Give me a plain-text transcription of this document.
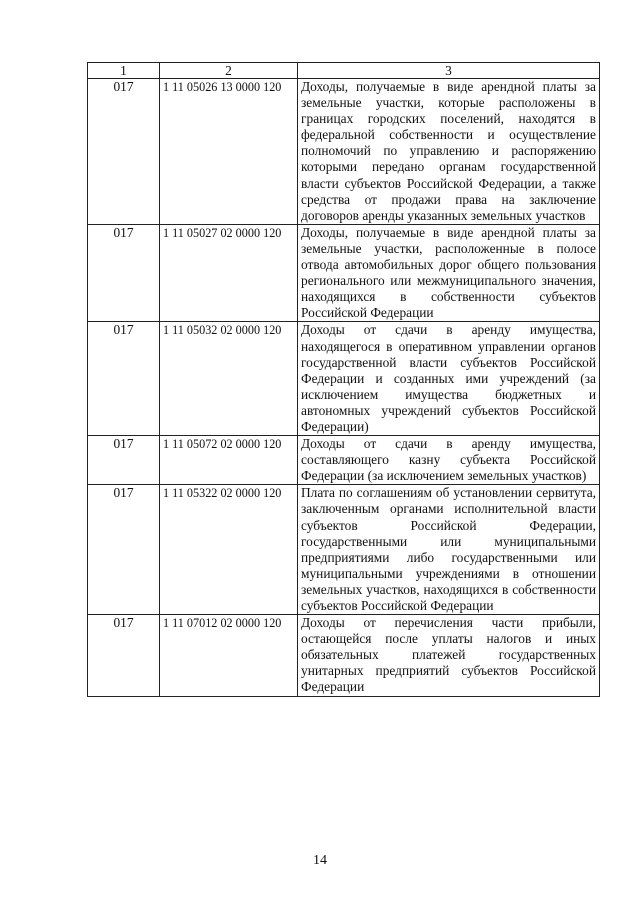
1	2	3
017	1 11 05026 13 0000 120	Доходы, получаемые в виде арендной платы за земельные участки, которые расположены в границах городских поселений, находятся в федеральной собственности и осуществление полномочий по управлению и распоряжению которыми передано органам государственной власти субъектов Российской Федерации, а также средства от продажи права на заключение договоров аренды указанных земельных участков
017	1 11 05027 02 0000 120	Доходы, получаемые в виде арендной платы за земельные участки, расположенные в полосе отвода автомобильных дорог общего пользования регионального или межмуниципального значения, находящихся в собственности субъектов Российской Федерации
017	1 11 05032 02 0000 120	Доходы от сдачи в аренду имущества, находящегося в оперативном управлении органов государственной власти субъектов Российской Федерации и созданных ими учреждений (за исключением имущества бюджетных и автономных учреждений субъектов Российской Федерации)
017	1 11 05072 02 0000 120	Доходы от сдачи в аренду имущества, составляющего казну субъекта Российской Федерации (за исключением земельных участков)
017	1 11 05322 02 0000 120	Плата по соглашениям об установлении сервитута, заключенным органами исполнительной власти субъектов Российской Федерации, государственными или муниципальными предприятиями либо государственными или муниципальными учреждениями в отношении земельных участков, находящихся в собственности субъектов Российской Федерации
017	1 11 07012 02 0000 120	Доходы от перечисления части прибыли, остающейся после уплаты налогов и иных обязательных платежей государственных унитарных предприятий субъектов Российской Федерации
14
